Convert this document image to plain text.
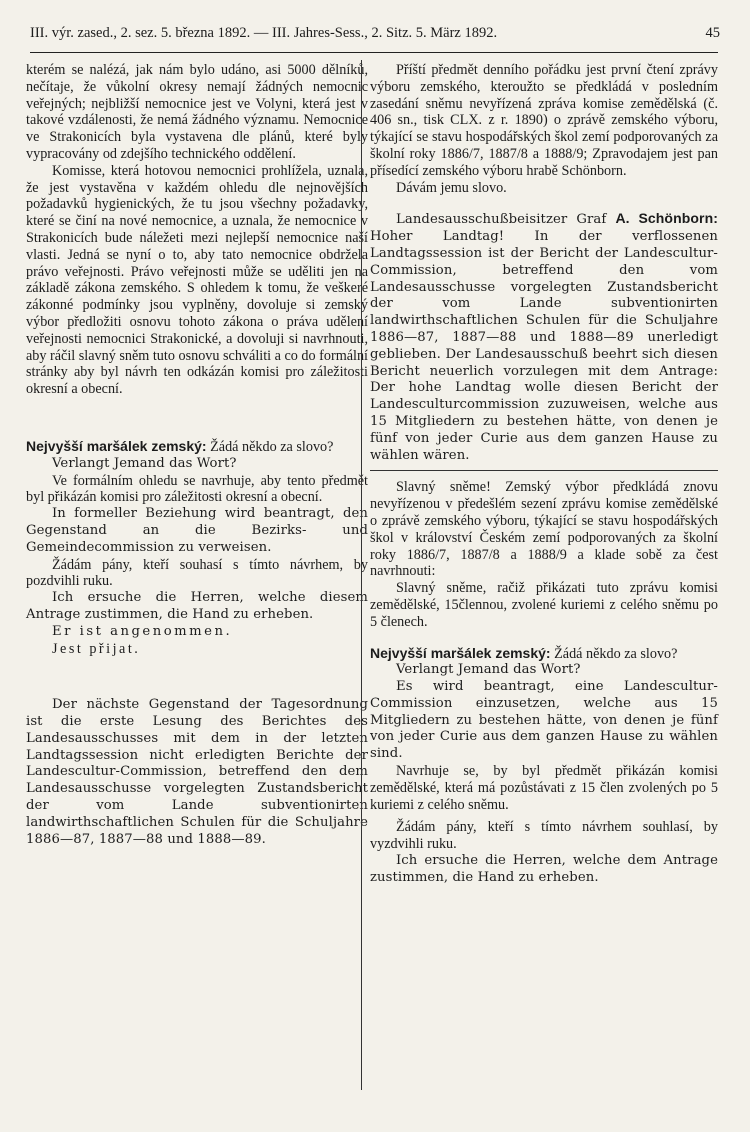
III. výr. zased., 2. sez. 5. března 1892. — III. Jahres-Sess., 2. Sitz. 5. März 1892.	45

kterém se nalézá, jak nám bylo udáno, asi 5000 dělníků, nečítaje, že vůkolní okresy nemají žádných nemocnic veřejných; nejbližší nemocnice jest ve Volyni, která jest v takové vzdálenosti, že nemá žádného významu. Nemocnice ve Strakonicích byla vystavena dle plánů, které byly vypracovány od zdejšího technického oddělení.

Komisse, která hotovou nemocnici prohlížela, uznala, že jest vystavěna v každém ohledu dle nejnovějších požadavků hygienických, že tu jsou všechny požadavky, které se činí na nové nemocnice, a uznala, že nemocnice v Strakonicích bude náležeti mezi nejlepší nemocnice naší vlasti. Jedná se nyní o to, aby tato nemocnice obdržela právo veřejnosti. Právo veřejnosti může se uděliti jen na základě zákona zemského. S ohledem k tomu, že veškeré zákonné podmínky jsou vyplněny, dovoluje si zemský výbor předložiti osnovu tohoto zákona o práva udělení veřejnosti nemocnici Strakonické, a dovoluji si navrhnouti, aby ráčil slavný sněm tuto osnovu schváliti a co do formální stránky aby byl návrh ten odkázán komisi pro záležitosti okresní a obecní.

Nejvyšší maršálek zemský: Žádá někdo za slovo?

Verlangt Jemand das Wort?

Ve formálním ohledu se navrhuje, aby tento předmět byl přikázán komisi pro záležitosti okresní a obecní.

In formeller Beziehung wird beantragt, den Gegenstand an die Bezirks- und Gemeindecommission zu verweisen.

Žádám pány, kteří souhasí s tímto návrhem, by pozdvihli ruku.

Ich ersuche die Herren, welche diesem Antrage zustimmen, die Hand zu erheben.

Er ist angenommen.

Jest přijat.

Der nächste Gegenstand der Tagesordnung ist die erste Lesung des Berichtes des Landesausschusses mit dem in der letzten Landtagssession nicht erledigten Berichte der Landescultur-Commission, betreffend den dem Landesausschusse vorgelegten Zustandsbericht der vom Lande subventionirten landwirthschaftlichen Schulen für die Schuljahre 1886—87, 1887—88 und 1888—89.

Příští předmět denního pořádku jest první čtení zprávy výboru zemského, kteroužto se předkládá v posledním zasedání sněmu nevyřízená zpráva komise zemědělská (č. 406 sn., tisk CLX. z r. 1890) o zprávě zemského výboru, týkající se stavu hospodářských škol zemí podporovaných za školní roky 1886/7, 1887/8 a 1888/9; Zpravodajem jest pan přísedící zemského výboru hrabě Schönborn.

Dávám jemu slovo.

Landesausschußbeisitzer Graf A. Schönborn: Hoher Landtag! In der verflossenen Landtagssession ist der Bericht der Landescultur-Commission, betreffend den vom Landesausschusse vorgelegten Zustandsbericht der vom Lande subventionirten landwirthschaftlichen Schulen für die Schuljahre 1886—87, 1887—88 und 1888—89 unerledigt geblieben. Der Landesausschuß beehrt sich diesen Bericht neuerlich vorzulegen mit dem Antrage: Der hohe Landtag wolle diesen Bericht der Landesculturcommission zuzuweisen, welche aus 15 Mitgliedern zu bestehen hätte, von denen je fünf von jeder Curie aus dem ganzen Hause zu wählen wären.

Slavný sněme! Zemský výbor předkládá znovu nevyřízenou v předešlém sezení zprávu komise zemědělské o zprávě zemského výboru, týkající se stavu hospodářských škol v království Českém zemí podporovaných za školní roky 1886/7, 1887/8 a 1888/9 a klade sobě za čest navrhnouti:

Slavný sněme, račiž přikázati tuto zprávu komisi zemědělské, 15člennou, zvolené kuriemi z celého sněmu po 5 členech.

Nejvyšší maršálek zemský: Žádá někdo za slovo?

Verlangt Jemand das Wort?

Es wird beantragt, eine Landescultur-Commission einzusetzen, welche aus 15 Mitgliedern zu bestehen hätte, von denen je fünf von jeder Curie aus dem ganzen Hause zu wählen sind.

Navrhuje se, by byl předmět přikázán komisi zemědělské, která má pozůstávati z 15 člen zvolených po 5 kuriemi z celého sněmu.

Žádám pány, kteří s tímto návrhem souhlasí, by vyzdvihli ruku.

Ich ersuche die Herren, welche dem Antrage zustimmen, die Hand zu erheben.
